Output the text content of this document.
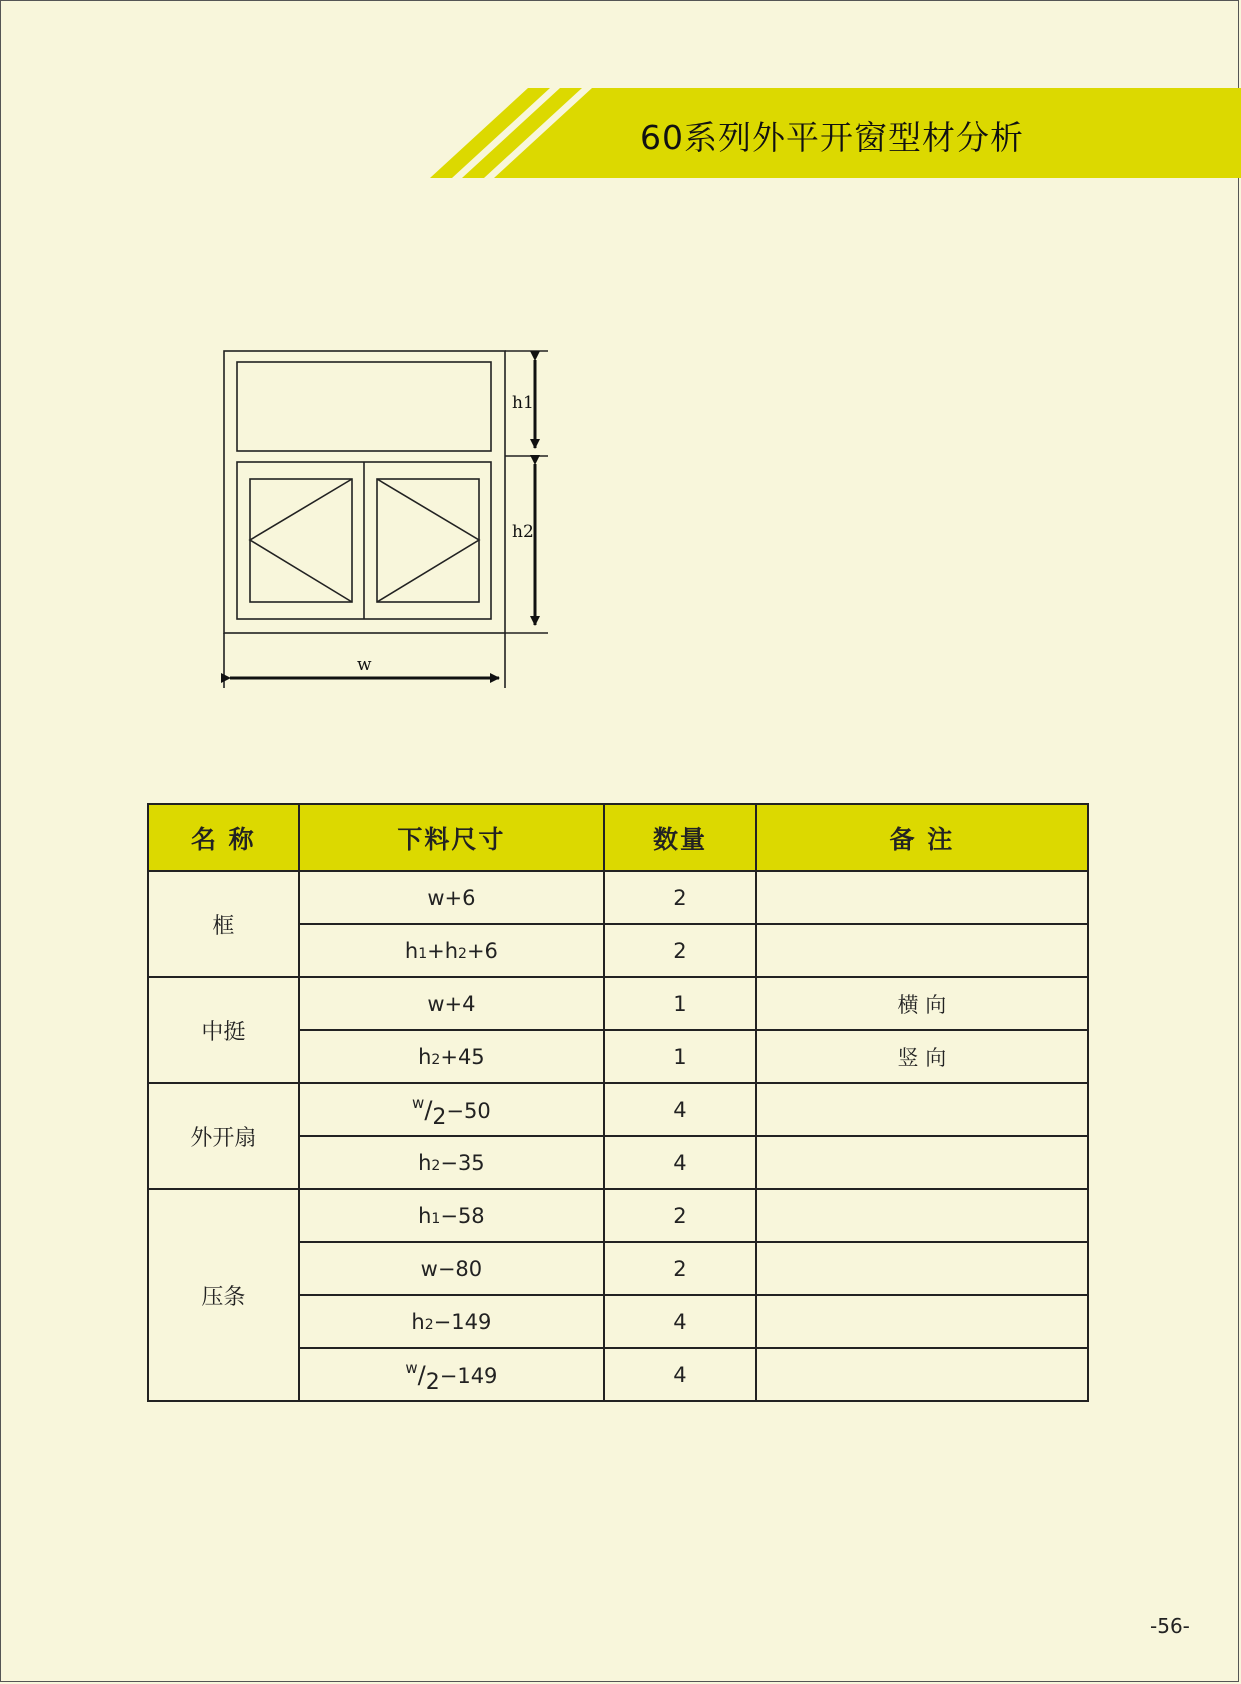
60系列外平开窗型材分析
h1
h2
w
名 称	下料尺寸	数量	备 注
框	w+6	2	
	h1+h2+6	2	
中挺	w+4	1	横 向
	h2+45	1	竖 向
外开扇	$^w$/2−50	4	
	h2−35	4	
压条	h1−58	2	
	w−80	2	
	h2−149	4	
	$^w$/2−149	4	
-56-
